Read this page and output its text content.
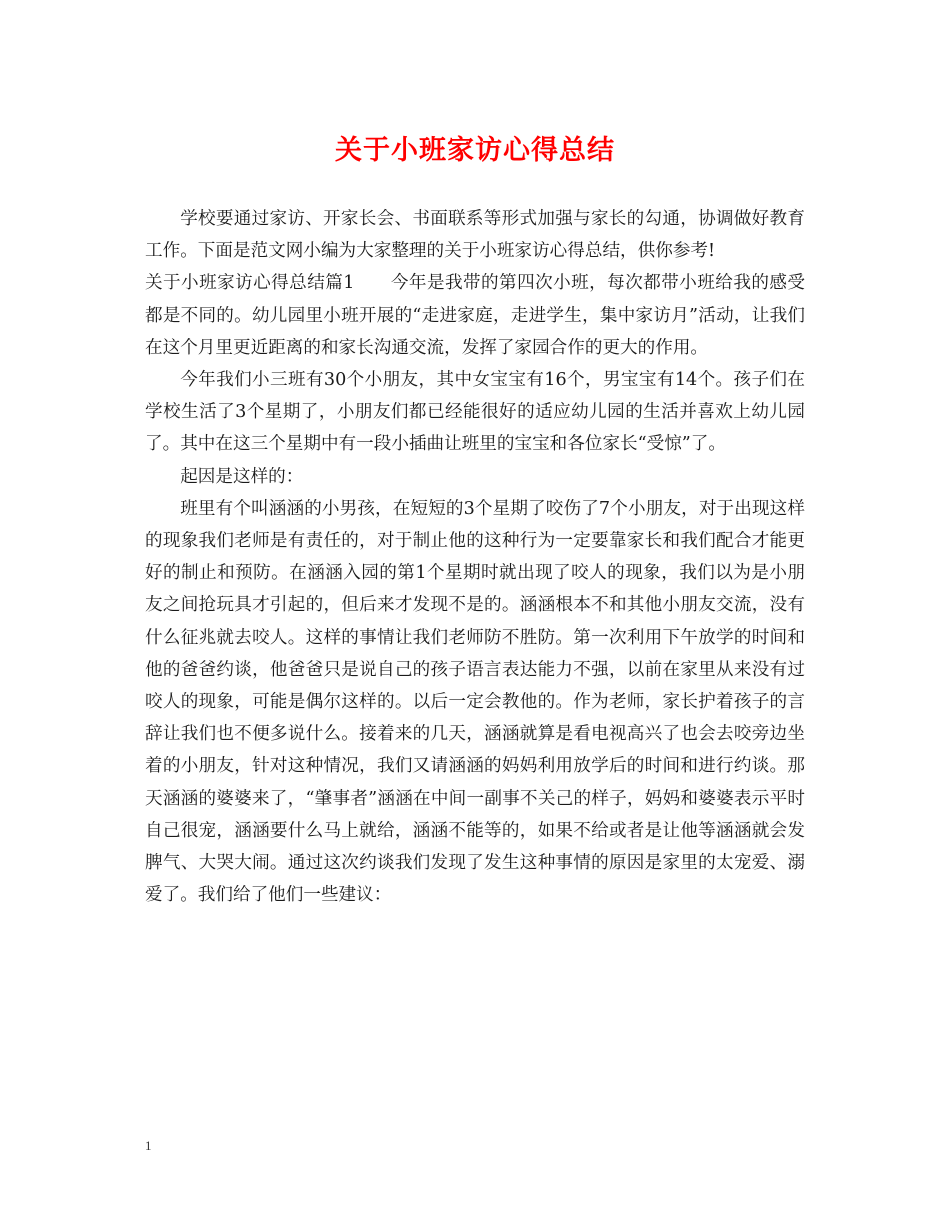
关于小班家访心得总结

学校要通过家访、开家长会、书面联系等形式加强与家长的勾通，协调做好教育工作。下面是范文网小编为大家整理的关于小班家访心得总结，供你参考!

关于小班家访心得总结篇1　　今年是我带的第四次小班，每次都带小班给我的感受都是不同的。幼儿园里小班开展的“走进家庭，走进学生，集中家访月”活动，让我们在这个月里更近距离的和家长沟通交流，发挥了家园合作的更大的作用。

今年我们小三班有30个小朋友，其中女宝宝有16个，男宝宝有14个。孩子们在学校生活了3个星期了，小朋友们都已经能很好的适应幼儿园的生活并喜欢上幼儿园了。其中在这三个星期中有一段小插曲让班里的宝宝和各位家长“受惊”了。

起因是这样的：

班里有个叫涵涵的小男孩，在短短的3个星期了咬伤了7个小朋友，对于出现这样的现象我们老师是有责任的，对于制止他的这种行为一定要靠家长和我们配合才能更好的制止和预防。在涵涵入园的第1个星期时就出现了咬人的现象，我们以为是小朋友之间抢玩具才引起的，但后来才发现不是的。涵涵根本不和其他小朋友交流，没有什么征兆就去咬人。这样的事情让我们老师防不胜防。第一次利用下午放学的时间和他的爸爸约谈，他爸爸只是说自己的孩子语言表达能力不强，以前在家里从来没有过咬人的现象，可能是偶尔这样的。以后一定会教他的。作为老师，家长护着孩子的言辞让我们也不便多说什么。接着来的几天，涵涵就算是看电视高兴了也会去咬旁边坐着的小朋友，针对这种情况，我们又请涵涵的妈妈利用放学后的时间和进行约谈。那天涵涵的婆婆来了，“肇事者”涵涵在中间一副事不关己的样子，妈妈和婆婆表示平时自己很宠，涵涵要什么马上就给，涵涵不能等的，如果不给或者是让他等涵涵就会发脾气、大哭大闹。通过这次约谈我们发现了发生这种事情的原因是家里的太宠爱、溺爱了。我们给了他们一些建议：

1
